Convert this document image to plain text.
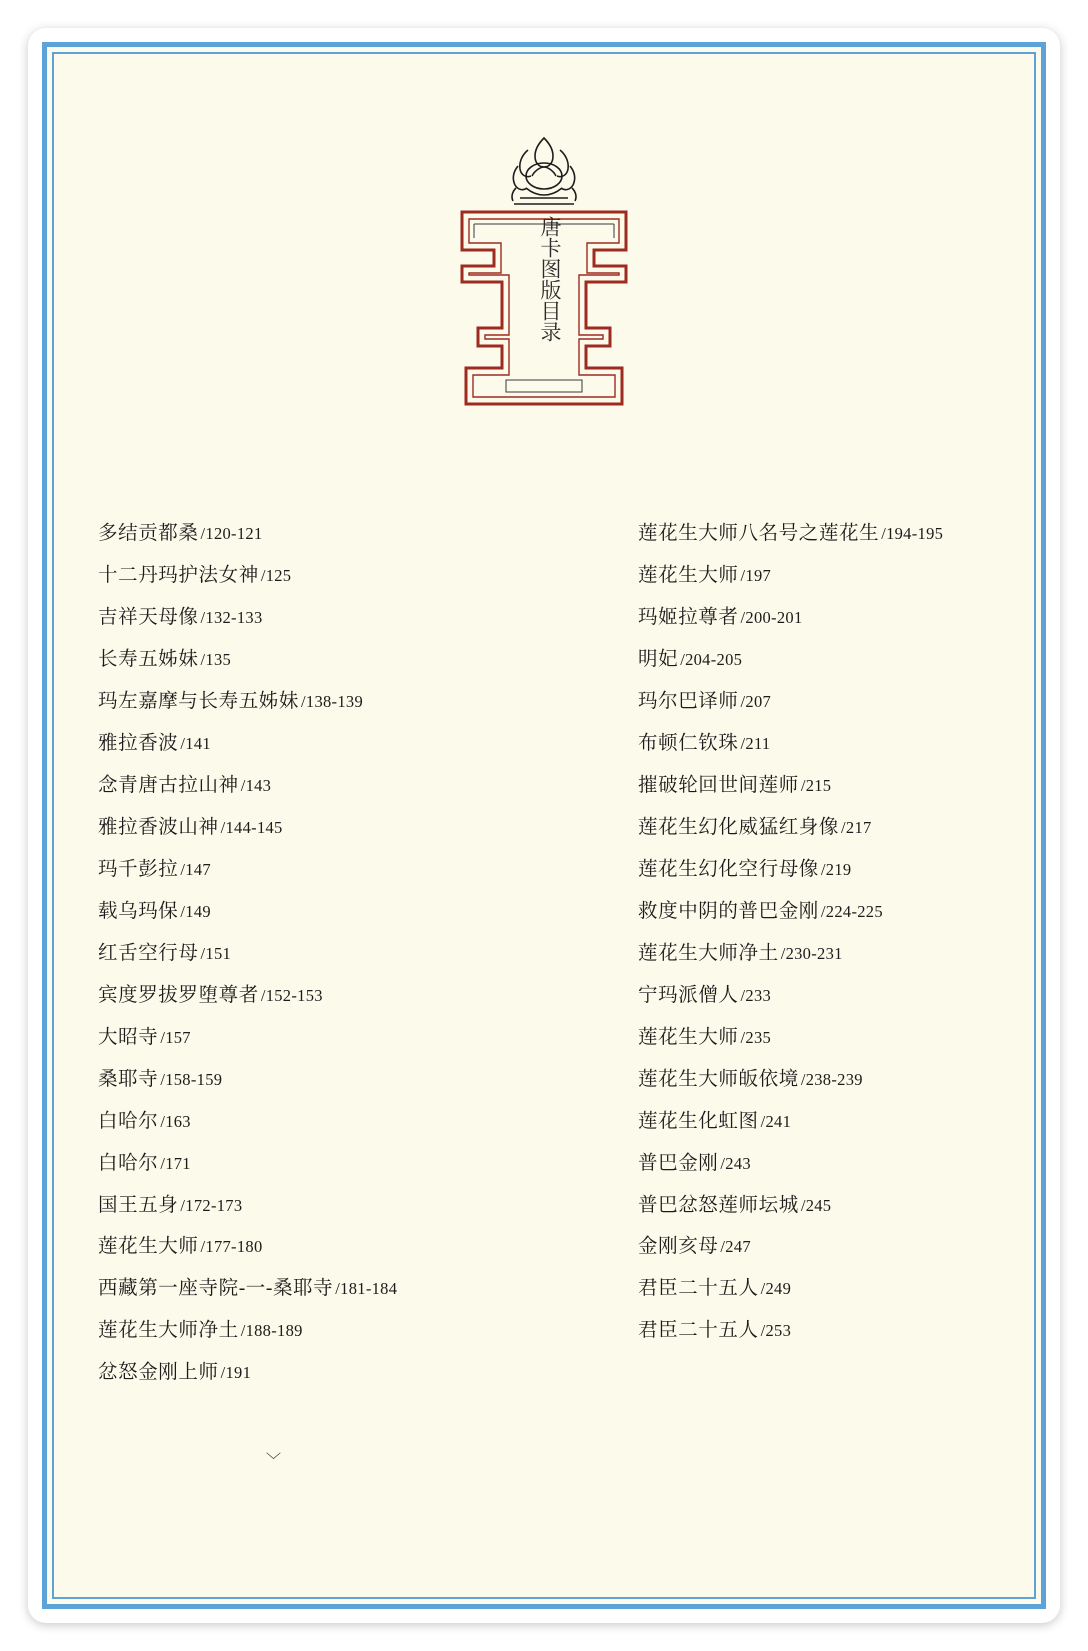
唐卡图版目录
多结贡都桑 /120-121
十二丹玛护法女神 /125
吉祥天母像 /132-133
长寿五姊妹 /135
玛左嘉摩与长寿五姊妹 /138-139
雅拉香波 /141
念青唐古拉山神 /143
雅拉香波山神 /144-145
玛千彭拉 /147
载乌玛保 /149
红舌空行母 /151
宾度罗拔罗堕尊者 /152-153
大昭寺 /157
桑耶寺 /158-159
白哈尔 /163
白哈尔 /171
国王五身 /172-173
莲花生大师 /177-180
西藏第一座寺院-一-桑耶寺 /181-184
莲花生大师净土 /188-189
忿怒金刚上师 /191
莲花生大师八名号之莲花生 /194-195
莲花生大师 /197
玛姬拉尊者 /200-201
明妃 /204-205
玛尔巴译师 /207
布顿仁钦珠 /211
摧破轮回世间莲师 /215
莲花生幻化威猛红身像 /217
莲花生幻化空行母像 /219
救度中阴的普巴金刚 /224-225
莲花生大师净土 /230-231
宁玛派僧人 /233
莲花生大师 /235
莲花生大师皈依境 /238-239
莲花生化虹图 /241
普巴金刚 /243
普巴忿怒莲师坛城 /245
金刚亥母 /247
君臣二十五人 /249
君臣二十五人 /253
﹀
